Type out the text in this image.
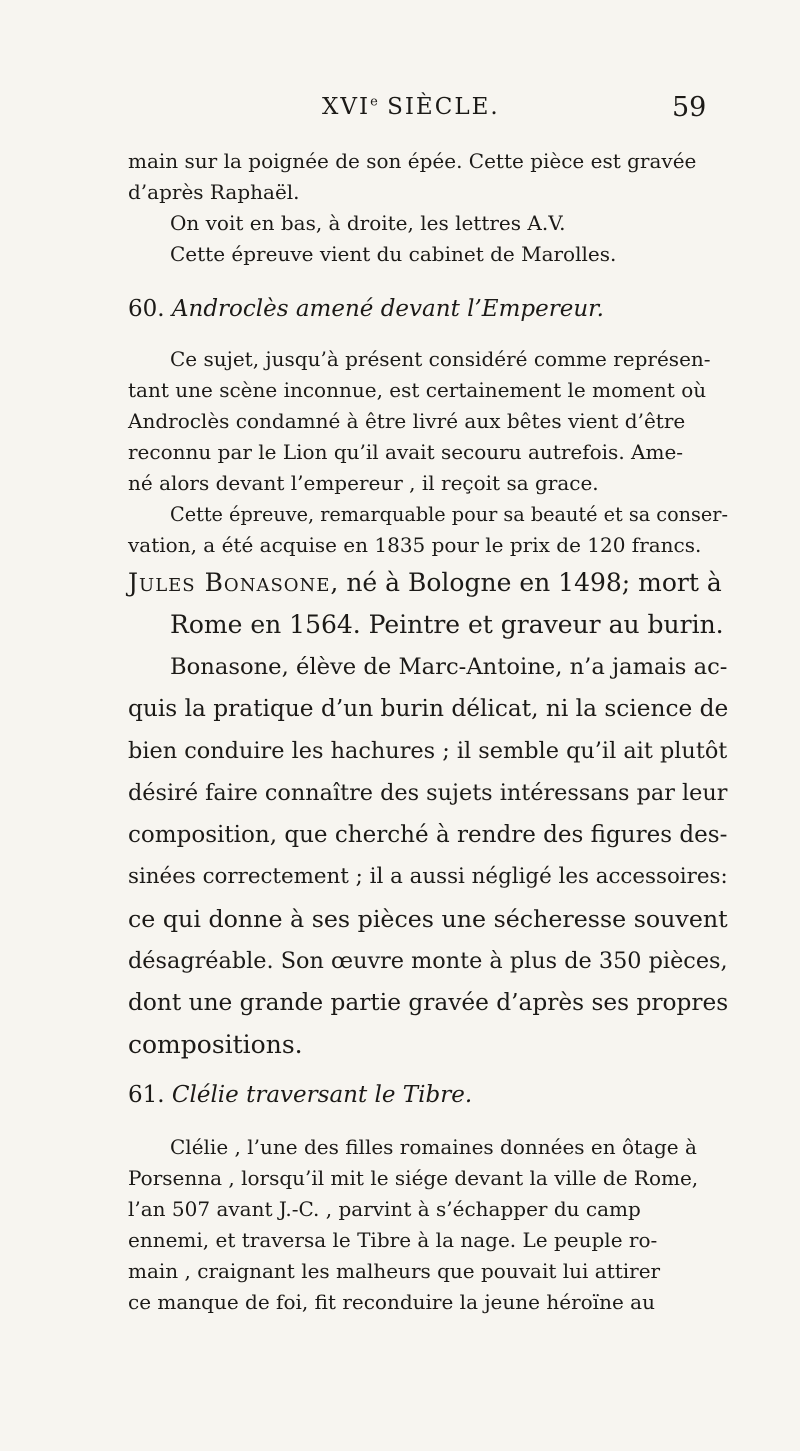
XVIe SIÈCLE.	59
main sur la poignée de son épée. Cette pièce est gravée
d’après Raphaël.
On voit en bas, à droite, les lettres A.V.
Cette épreuve vient du cabinet de Marolles.
60. Androclès amené devant l’Empereur.
Ce sujet, jusqu’à présent considéré comme représen-
tant une scène inconnue, est certainement le moment où
Androclès condamné à être livré aux bêtes vient d’être
reconnu par le Lion qu’il avait secouru autrefois. Ame-
né alors devant l’empereur , il reçoit sa grace.
Cette épreuve, remarquable pour sa beauté et sa conser-
vation, a été acquise en 1835 pour le prix de 120 francs.
Jules Bonasone, né à Bologne en 1498; mort à
Rome en 1564. Peintre et graveur au burin.
Bonasone, élève de Marc-Antoine, n’a jamais ac-
quis la pratique d’un burin délicat, ni la science de
bien conduire les hachures ; il semble qu’il ait plutôt
désiré faire connaître des sujets intéressans par leur
composition, que cherché à rendre des figures des-
sinées correctement ; il a aussi négligé les accessoires:
ce qui donne à ses pièces une sécheresse souvent
désagréable. Son œuvre monte à plus de 350 pièces,
dont une grande partie gravée d’après ses propres
compositions.
61. Clélie traversant le Tibre.
Clélie , l’une des filles romaines données en ôtage à
Porsenna , lorsqu’il mit le siége devant la ville de Rome,
l’an 507 avant J.-C. , parvint à s’échapper du camp
ennemi, et traversa le Tibre à la nage. Le peuple ro-
main , craignant les malheurs que pouvait lui attirer
ce manque de foi, fit reconduire la jeune héroïne au
